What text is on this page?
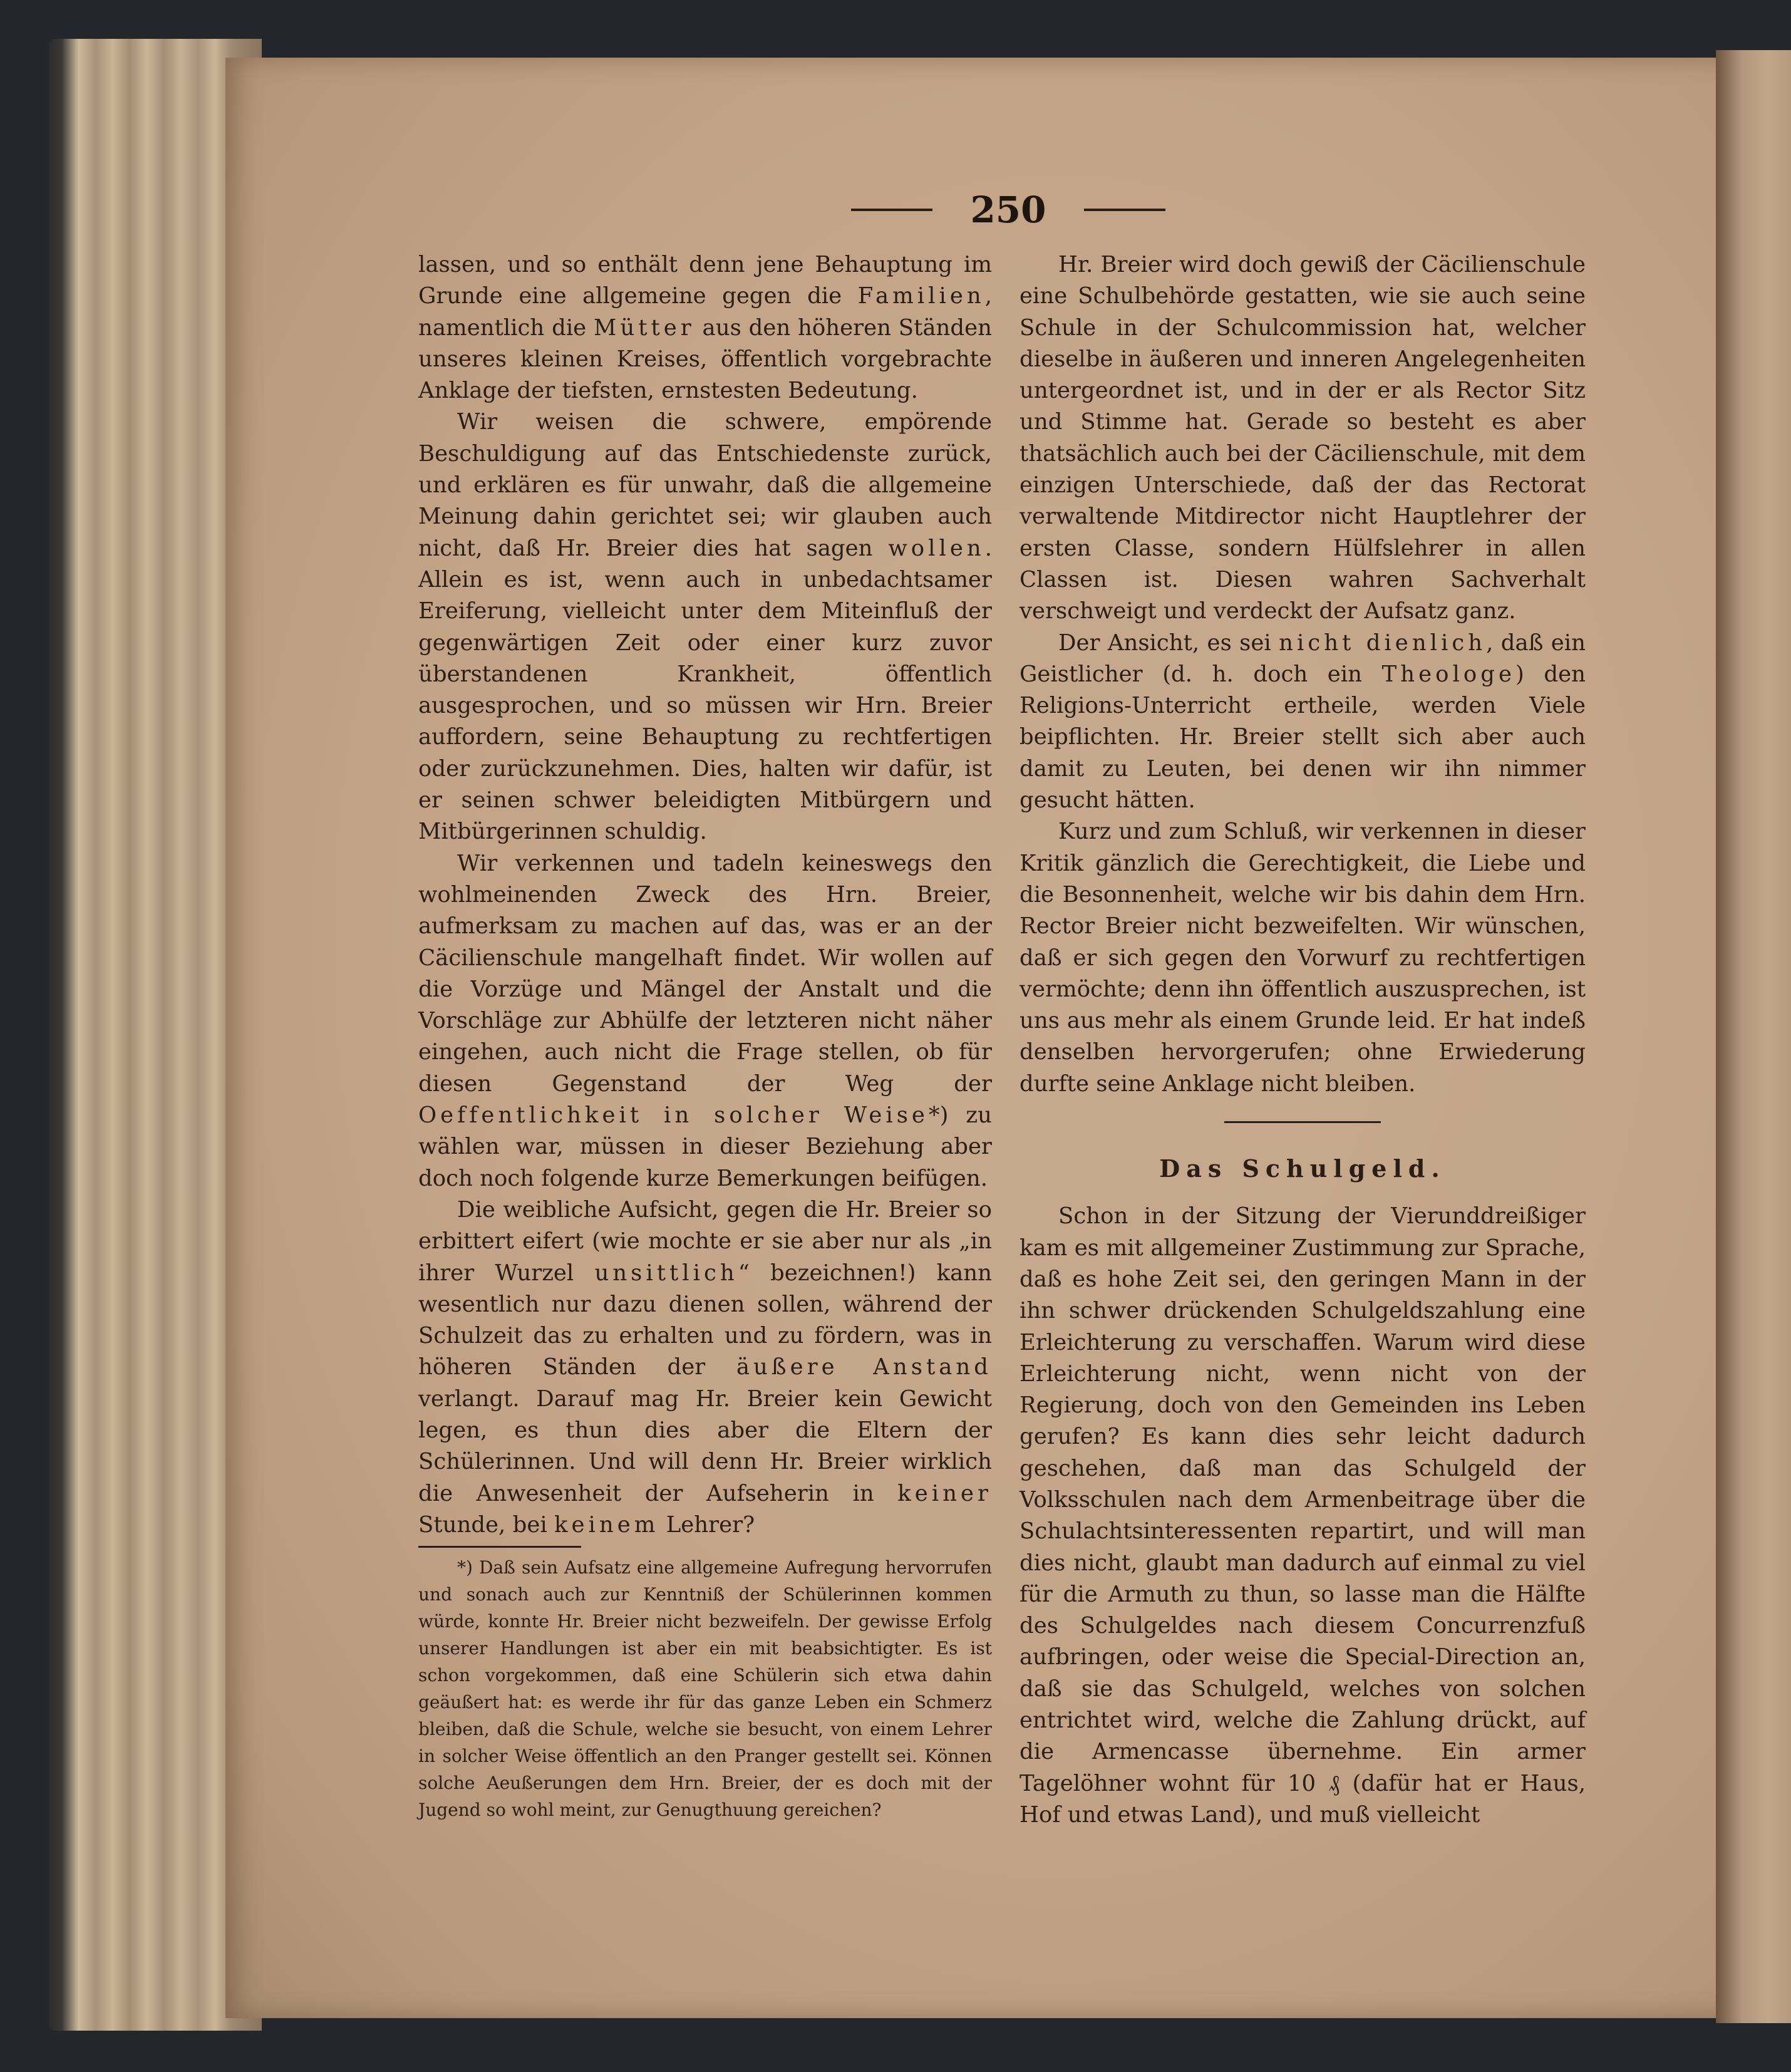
250

lassen, und so enthält denn jene Behauptung im Grunde eine allgemeine gegen die Familien, namentlich die Mütter aus den höheren Ständen unseres kleinen Kreises, öffentlich vorgebrachte Anklage der tiefsten, ernstesten Bedeutung.

Wir weisen die schwere, empörende Beschuldigung auf das Entschiedenste zurück, und erklären es für unwahr, daß die allgemeine Meinung dahin gerichtet sei; wir glauben auch nicht, daß Hr. Breier dies hat sagen wollen. Allein es ist, wenn auch in unbedachtsamer Ereiferung, vielleicht unter dem Miteinfluß der gegenwärtigen Zeit oder einer kurz zuvor überstandenen Krankheit, öffentlich ausgesprochen, und so müssen wir Hrn. Breier auffordern, seine Behauptung zu rechtfertigen oder zurückzunehmen. Dies, halten wir dafür, ist er seinen schwer beleidigten Mitbürgern und Mitbürgerinnen schuldig.

Wir verkennen und tadeln keineswegs den wohlmeinenden Zweck des Hrn. Breier, aufmerksam zu machen auf das, was er an der Cäcilienschule mangelhaft findet. Wir wollen auf die Vorzüge und Mängel der Anstalt und die Vorschläge zur Abhülfe der letzteren nicht näher eingehen, auch nicht die Frage stellen, ob für diesen Gegenstand der Weg der Oeffentlichkeit in solcher Weise*) zu wählen war, müssen in dieser Beziehung aber doch noch folgende kurze Bemerkungen beifügen.

Die weibliche Aufsicht, gegen die Hr. Breier so erbittert eifert (wie mochte er sie aber nur als „in ihrer Wurzel unsittlich“ bezeichnen!) kann wesentlich nur dazu dienen sollen, während der Schulzeit das zu erhalten und zu fördern, was in höheren Ständen der äußere Anstand verlangt. Darauf mag Hr. Breier kein Gewicht legen, es thun dies aber die Eltern der Schülerinnen. Und will denn Hr. Breier wirklich die Anwesenheit der Aufseherin in keiner Stunde, bei keinem Lehrer?

*) Daß sein Aufsatz eine allgemeine Aufregung hervorrufen und sonach auch zur Kenntniß der Schülerinnen kommen würde, konnte Hr. Breier nicht bezweifeln. Der gewisse Erfolg unserer Handlungen ist aber ein mit beabsichtigter. Es ist schon vorgekommen, daß eine Schülerin sich etwa dahin geäußert hat: es werde ihr für das ganze Leben ein Schmerz bleiben, daß die Schule, welche sie besucht, von einem Lehrer in solcher Weise öffentlich an den Pranger gestellt sei. Können solche Aeußerungen dem Hrn. Breier, der es doch mit der Jugend so wohl meint, zur Genugthuung gereichen?

Hr. Breier wird doch gewiß der Cäcilienschule eine Schulbehörde gestatten, wie sie auch seine Schule in der Schulcommission hat, welcher dieselbe in äußeren und inneren Angelegenheiten untergeordnet ist, und in der er als Rector Sitz und Stimme hat. Gerade so besteht es aber thatsächlich auch bei der Cäcilienschule, mit dem einzigen Unterschiede, daß der das Rectorat verwaltende Mitdirector nicht Hauptlehrer der ersten Classe, sondern Hülfslehrer in allen Classen ist. Diesen wahren Sachverhalt verschweigt und verdeckt der Aufsatz ganz.

Der Ansicht, es sei nicht dienlich, daß ein Geistlicher (d. h. doch ein Theologe) den Religions-Unterricht ertheile, werden Viele beipflichten. Hr. Breier stellt sich aber auch damit zu Leuten, bei denen wir ihn nimmer gesucht hätten.

Kurz und zum Schluß, wir verkennen in dieser Kritik gänzlich die Gerechtigkeit, die Liebe und die Besonnenheit, welche wir bis dahin dem Hrn. Rector Breier nicht bezweifelten. Wir wünschen, daß er sich gegen den Vorwurf zu rechtfertigen vermöchte; denn ihn öffentlich auszusprechen, ist uns aus mehr als einem Grunde leid. Er hat indeß denselben hervorgerufen; ohne Erwiederung durfte seine Anklage nicht bleiben.

Das Schulgeld.

Schon in der Sitzung der Vierunddreißiger kam es mit allgemeiner Zustimmung zur Sprache, daß es hohe Zeit sei, den geringen Mann in der ihn schwer drückenden Schulgeldszahlung eine Erleichterung zu verschaffen. Warum wird diese Erleichterung nicht, wenn nicht von der Regierung, doch von den Gemeinden ins Leben gerufen? Es kann dies sehr leicht dadurch geschehen, daß man das Schulgeld der Volksschulen nach dem Armenbeitrage über die Schulachtsinteressenten repartirt, und will man dies nicht, glaubt man dadurch auf einmal zu viel für die Armuth zu thun, so lasse man die Hälfte des Schulgeldes nach diesem Concurrenzfuß aufbringen, oder weise die Special-Direction an, daß sie das Schulgeld, welches von solchen entrichtet wird, welche die Zahlung drückt, auf die Armencasse übernehme. Ein armer Tagelöhner wohnt für 10 ₰ (dafür hat er Haus, Hof und etwas Land), und muß vielleicht
